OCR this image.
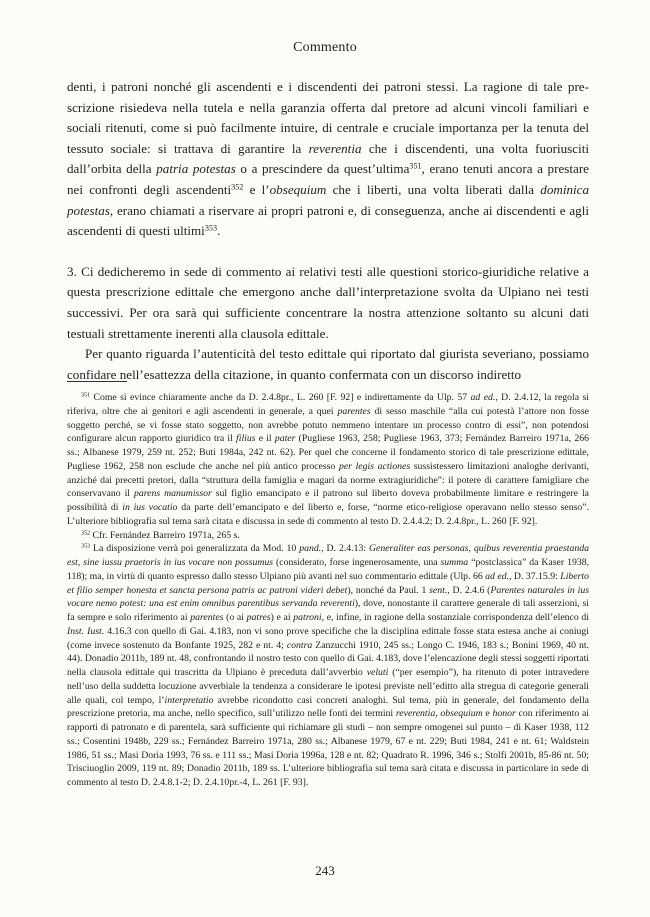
Commento

denti, i patroni nonché gli ascendenti e i discendenti dei patroni stessi. La ragione di tale prescrizione risiedeva nella tutela e nella garanzia offerta dal pretore ad alcuni vincoli familiari e sociali ritenuti, come si può facilmente intuire, di centrale e cruciale importanza per la tenuta del tessuto sociale: si trattava di garantire la reverentia che i discendenti, una volta fuoriusciti dall’orbita della patria potestas o a prescindere da quest’ultima$^{351}$, erano tenuti ancora a prestare nei confronti degli ascendenti$^{352}$ e l’obsequium che i liberti, una volta liberati dalla dominica potestas, erano chiamati a riservare ai propri patroni e, di conseguenza, anche ai discendenti e agli ascendenti di questi ultimi$^{353}$.

3. Ci dedicheremo in sede di commento ai relativi testi alle questioni storico-giuridiche relative a questa prescrizione edittale che emergono anche dall’interpretazione svolta da Ulpiano nei testi successivi. Per ora sarà qui sufficiente concentrare la nostra attenzione soltanto su alcuni dati testuali strettamente inerenti alla clausola edittale.

Per quanto riguarda l’autenticità del testo edittale qui riportato dal giurista severiano, possiamo confidare nell’esattezza della citazione, in quanto confermata con un discorso indiretto

$^{351}$ Come si evince chiaramente anche da D. 2.4.8pr., L. 260 [F. 92] e indirettamente da Ulp. 57 ad ed., D. 2.4.12, la regola si riferiva, oltre che ai genitori e agli ascendenti in generale, a quei parentes di sesso maschile “alla cui potestà l’attore non fosse soggetto perché, se vi fosse stato soggetto, non avrebbe potuto nemmeno intentare un processo contro di essi”, non potendosi configurare alcun rapporto giuridico tra il filius e il pater (Pugliese 1963, 258; Pugliese 1963, 373; Fernández Barreiro 1971a, 266 ss.; Albanese 1979, 259 nt. 252; Buti 1984a, 242 nt. 62). Per quel che concerne il fondamento storico di tale prescrizione edittale, Pugliese 1962, 258 non esclude che anche nel più antico processo per legis actiones sussistessero limitazioni analoghe derivanti, anziché dai precetti pretori, dalla “struttura della famiglia e magari da norme extragiuridiche”: il potere di carattere famigliare che conservavano il parens manumissor sul figlio emancipato e il patrono sul liberto doveva probabilmente limitare e restringere la possibilità di in ius vocatio da parte dell’emancipato e del liberto e, forse, “norme etico-religiose operavano nello stesso senso”. L’ulteriore bibliografia sul tema sarà citata e discussa in sede di commento al testo D. 2.4.4.2; D. 2.4.8pr., L. 260 [F. 92].

$^{352}$ Cfr. Fernández Barreiro 1971a, 265 s.

$^{353}$ La disposizione verrà poi generalizzata da Mod. 10 pand., D. 2.4.13: Generaliter eas personas, quibus reverentia praestanda est, sine iussu praetoris in ius vocare non possumus (considerato, forse ingenerosamente, una summa “postclassica” da Kaser 1938, 118); ma, in virtù di quanto espresso dallo stesso Ulpiano più avanti nel suo commentario edittale (Ulp. 66 ad ed., D. 37.15.9: Liberto et filio semper honesta et sancta persona patris ac patroni videri debet), nonché da Paul. 1 sent., D. 2.4.6 (Parentes naturales in ius vocare nemo potest: una est enim omnibus parentibus servanda reverenti), dove, nonostante il carattere generale di tali asserzioni, si fa sempre e solo riferimento ai parentes (o ai patres) e ai patroni, e, infine, in ragione della sostanziale corrispondenza dell’elenco di Inst. Iust. 4.16.3 con quello di Gai. 4.183, non vi sono prove specifiche che la disciplina edittale fosse stata estesa anche ai coniugi (come invece sostenuto da Bonfante 1925, 282 e nt. 4; contra Zanzucchi 1910, 245 ss.; Longo C. 1946, 183 s.; Bonini 1969, 40 nt. 44). Donadio 2011b, 189 nt. 48, confrontando il nostro testo con quello di Gai. 4.183, dove l’elencazione degli stessi soggetti riportati nella clausola edittale qui trascritta da Ulpiano è preceduta dall’avverbio veluti (“per esempio”), ha ritenuto di poter intravedere nell’uso della suddetta locuzione avverbiale la tendenza a considerare le ipotesi previste nell’editto alla stregua di categorie generali alle quali, col tempo, l’interpretatio avrebbe ricondotto casi concreti analoghi. Sul tema, più in generale, del fondamento della prescrizione pretoria, ma anche, nello specifico, sull’utilizzo nelle fonti dei termini reverentia, obsequium e honor con riferimento ai rapporti di patronato e di parentela, sarà sufficiente qui richiamare gli studi – non sempre omogenei sul punto – di Kaser 1938, 112 ss.; Cosentini 1948b, 229 ss.; Fernández Barreiro 1971a, 280 ss.; Albanese 1979, 67 e nt. 229; Buti 1984, 241 e nt. 61; Waldstein 1986, 51 ss.; Masi Doria 1993, 76 ss. e 111 ss.; Masi Doria 1996a, 128 e nt. 82; Quadrato R. 1996, 346 s.; Stolfi 2001b, 85-86 nt. 50; Trisciuoglio 2009, 119 nt. 89; Donadio 2011b, 189 ss. L’ulteriore bibliografia sul tema sarà citata e discussa in particolare in sede di commento al testo D. 2.4.8.1-2; D. 2.4.10pr.-4, L. 261 [F. 93].

243
